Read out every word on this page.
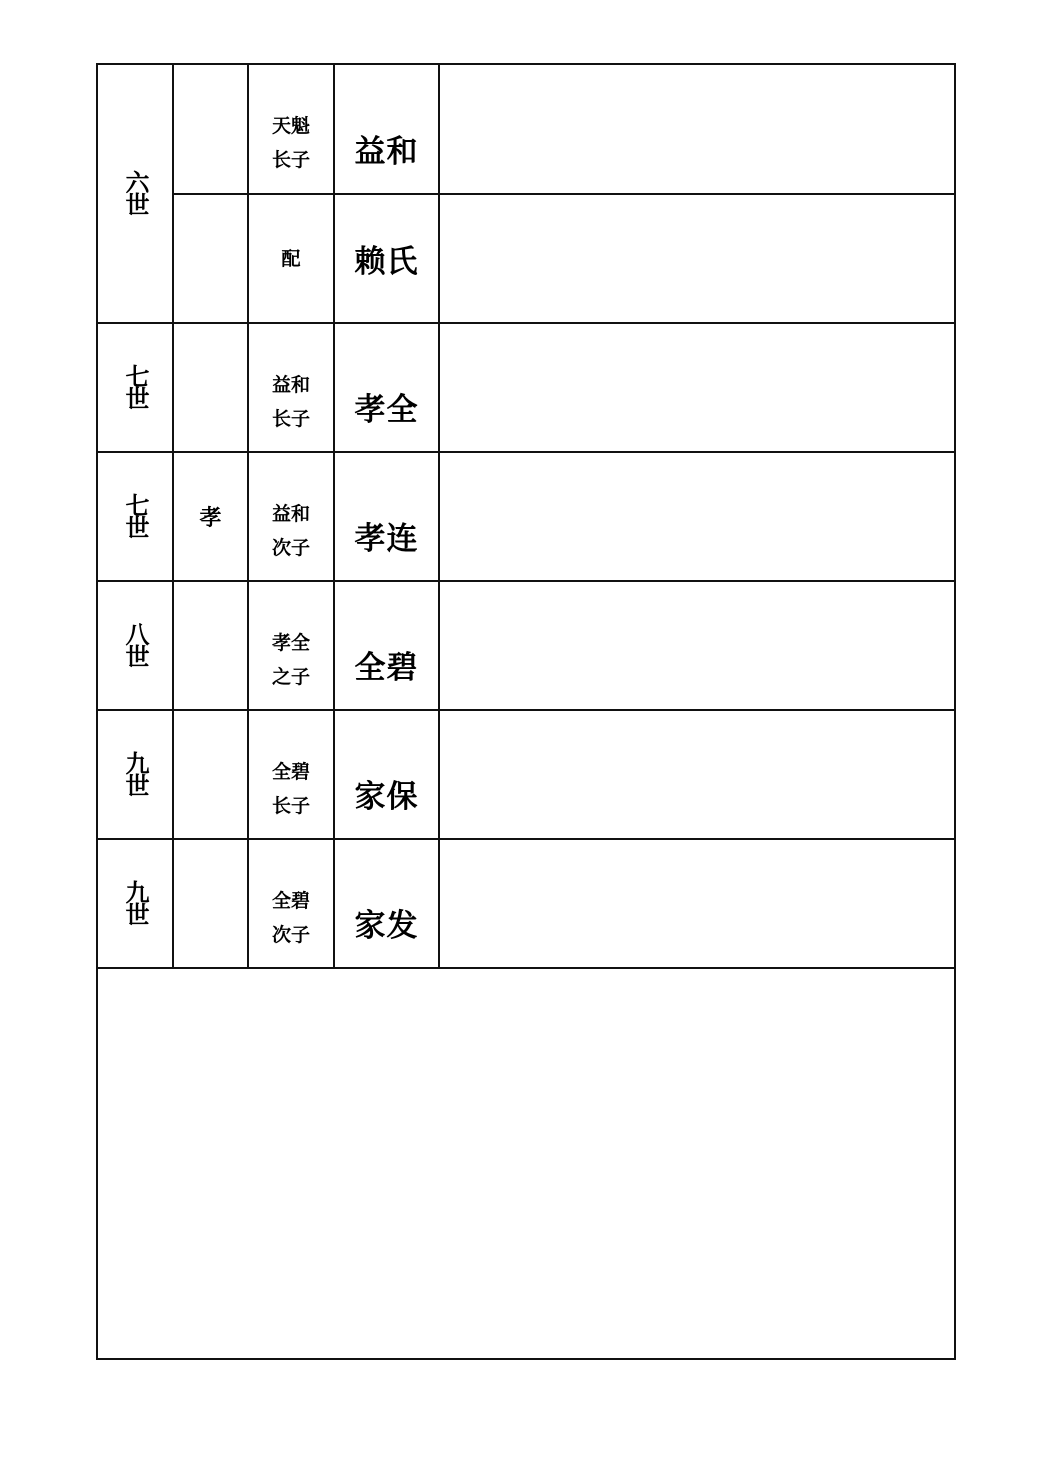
六世		天魁
长子	益和	
		配	赖氏	
七世		益和
长子	孝全	
七世	孝	益和
次子	孝连	
八世		孝全
之子	全碧	
九世		全碧
长子	家保	
九世		全碧
次子	家发	
